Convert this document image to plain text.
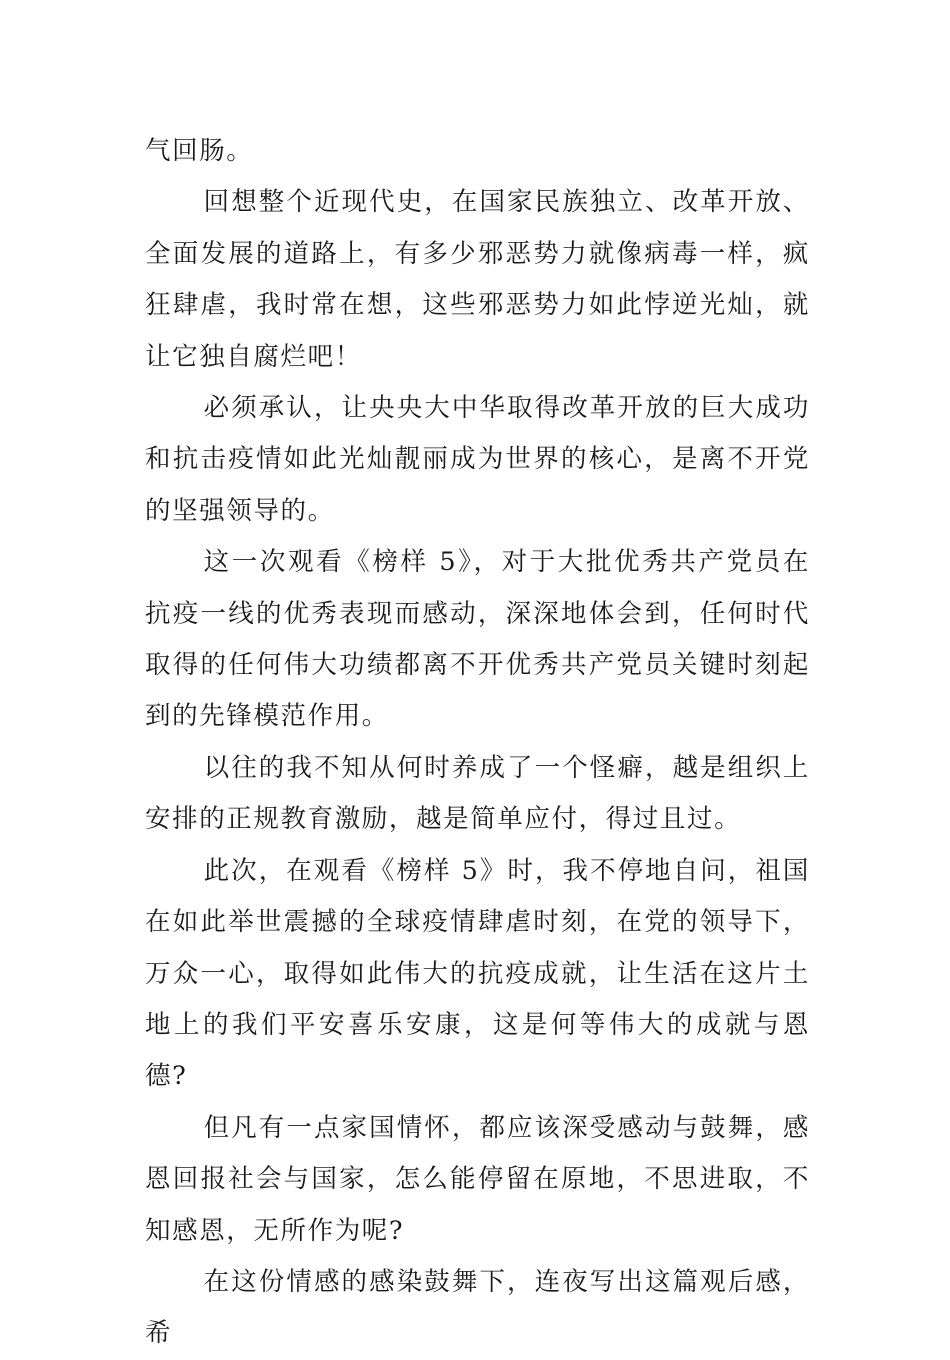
气回肠。

回想整个近现代史，在国家民族独立、改革开放、全面发展的道路上，有多少邪恶势力就像病毒一样，疯狂肆虐，我时常在想，这些邪恶势力如此悖逆光灿，就让它独自腐烂吧！

必须承认，让央央大中华取得改革开放的巨大成功和抗击疫情如此光灿靓丽成为世界的核心，是离不开党的坚强领导的。

这一次观看《榜样 5》，对于大批优秀共产党员在抗疫一线的优秀表现而感动，深深地体会到，任何时代取得的任何伟大功绩都离不开优秀共产党员关键时刻起到的先锋模范作用。

以往的我不知从何时养成了一个怪癖，越是组织上安排的正规教育激励，越是简单应付，得过且过。

此次，在观看《榜样 5》时，我不停地自问，祖国在如此举世震撼的全球疫情肆虐时刻，在党的领导下，万众一心，取得如此伟大的抗疫成就，让生活在这片土地上的我们平安喜乐安康，这是何等伟大的成就与恩德?

但凡有一点家国情怀，都应该深受感动与鼓舞，感恩回报社会与国家，怎么能停留在原地，不思进取，不知感恩，无所作为呢?

在这份情感的感染鼓舞下，连夜写出这篇观后感，希
